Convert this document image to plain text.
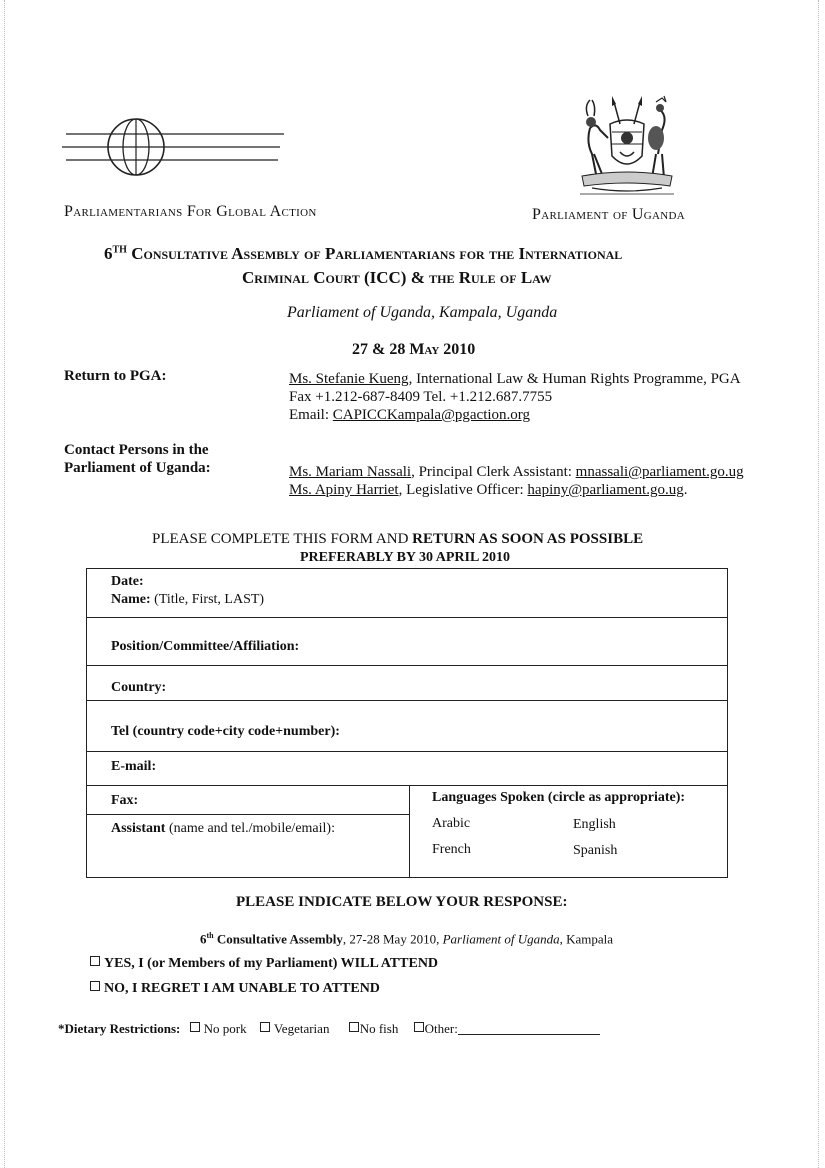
Parliamentarians For Global Action	Parliament of Uganda
6TH Consultative Assembly of Parliamentarians for the International
Criminal Court (ICC) & the Rule of Law
Parliament of Uganda, Kampala, Uganda
27 & 28 May 2010
Return to PGA:	Ms. Stefanie Kueng, International Law & Human Rights Programme, PGA
Fax +1.212-687-8409 Tel. +1.212.687.7755
Email: CAPICCKampala@pgaction.org
Contact Persons in the
Parliament of Uganda:	Ms. Mariam Nassali, Principal Clerk Assistant: mnassali@parliament.go.ug
Ms. Apiny Harriet, Legislative Officer: hapiny@parliament.go.ug.
PLEASE COMPLETE THIS FORM AND RETURN AS SOON AS POSSIBLE
PREFERABLY BY 30 APRIL 2010
Date:
Name: (Title, First, LAST)
Position/Committee/Affiliation:
Country:
Tel (country code+city code+number):
E-mail:
Fax:
Assistant (name and tel./mobile/email):
Languages Spoken (circle as appropriate):
Arabic	English
French	Spanish
PLEASE INDICATE BELOW YOUR RESPONSE:
6th Consultative Assembly, 27-28 May 2010, Parliament of Uganda, Kampala
YES, I (or Members of my Parliament) WILL ATTEND
NO, I REGRET I AM UNABLE TO ATTEND
*Dietary Restrictions: No pork Vegetarian No fish Other:
